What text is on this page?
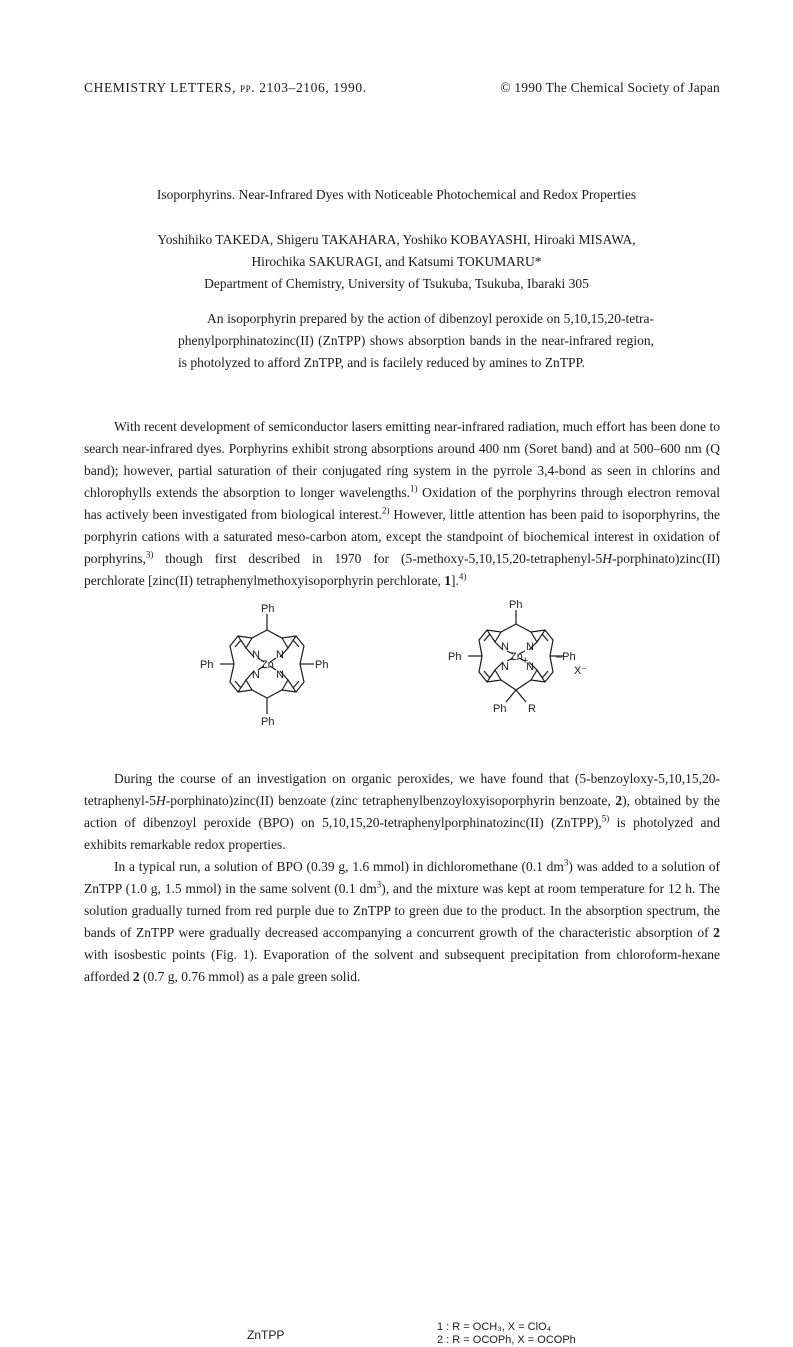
CHEMISTRY LETTERS, pp. 2103–2106, 1990.	© 1990 The Chemical Society of Japan
Isoporphyrins. Near-Infrared Dyes with Noticeable Photochemical and Redox Properties
Yoshihiko TAKEDA, Shigeru TAKAHARA, Yoshiko KOBAYASHI, Hiroaki MISAWA,
Hirochika SAKURAGI, and Katsumi TOKUMARU*
Department of Chemistry, University of Tsukuba, Tsukuba, Ibaraki 305
An isoporphyrin prepared by the action of dibenzoyl peroxide on 5,10,15,20-tetra-phenylporphinatozinc(II) (ZnTPP) shows absorption bands in the near-infrared region, is photolyzed to afford ZnTPP, and is facilely reduced by amines to ZnTPP.

With recent development of semiconductor lasers emitting near-infrared radiation, much effort has been done to search near-infrared dyes. Porphyrins exhibit strong absorptions around 400 nm (Soret band) and at 500–600 nm (Q band); however, partial saturation of their conjugated ring system in the pyrrole 3,4-bond as seen in chlorins and chlorophylls extends the absorption to longer wavelengths.$^{1)}$ Oxidation of the porphyrins through electron removal has actively been investigated from biological interest.$^{2)}$ However, little attention has been paid to isoporphyrins, the porphyrin cations with a saturated meso-carbon atom, except the standpoint of biochemical interest in oxidation of porphyrins,$^{3)}$ though first described in 1970 for (5-methoxy-5,10,15,20-tetraphenyl-5H-porphinato)zinc(II) perchlorate [zinc(II) tetraphenylmethoxyisoporphyrin perchlorate, 1].$^{4)}$

Ph
Ph	Ph
Ph
Zn
N N
N N
ZnTPP
Ph
Ph	–Ph
Zn +
X⁻
Ph R
N N
N N
1 : R = OCH₃, X = ClO₄
2 : R = OCOPh, X = OCOPh

During the course of an investigation on organic peroxides, we have found that (5-benzoyloxy-5,10,15,20-tetraphenyl-5H-porphinato)zinc(II) benzoate (zinc tetraphenylbenzoyloxyisoporphyrin benzoate, 2), obtained by the action of dibenzoyl peroxide (BPO) on 5,10,15,20-tetraphenylporphinatozinc(II) (ZnTPP),$^{5)}$ is photolyzed and exhibits remarkable redox properties.

In a typical run, a solution of BPO (0.39 g, 1.6 mmol) in dichloromethane (0.1 $dm^3$) was added to a solution of ZnTPP (1.0 g, 1.5 mmol) in the same solvent (0.1 $dm^3$), and the mixture was kept at room temperature for 12 h. The solution gradually turned from red purple due to ZnTPP to green due to the product. In the absorption spectrum, the bands of ZnTPP were gradually decreased accompanying a concurrent growth of the characteristic absorption of 2 with isosbestic points (Fig. 1). Evaporation of the solvent and subsequent precipitation from chloroform-hexane afforded 2 (0.7 g, 0.76 mmol) as a pale green solid.
